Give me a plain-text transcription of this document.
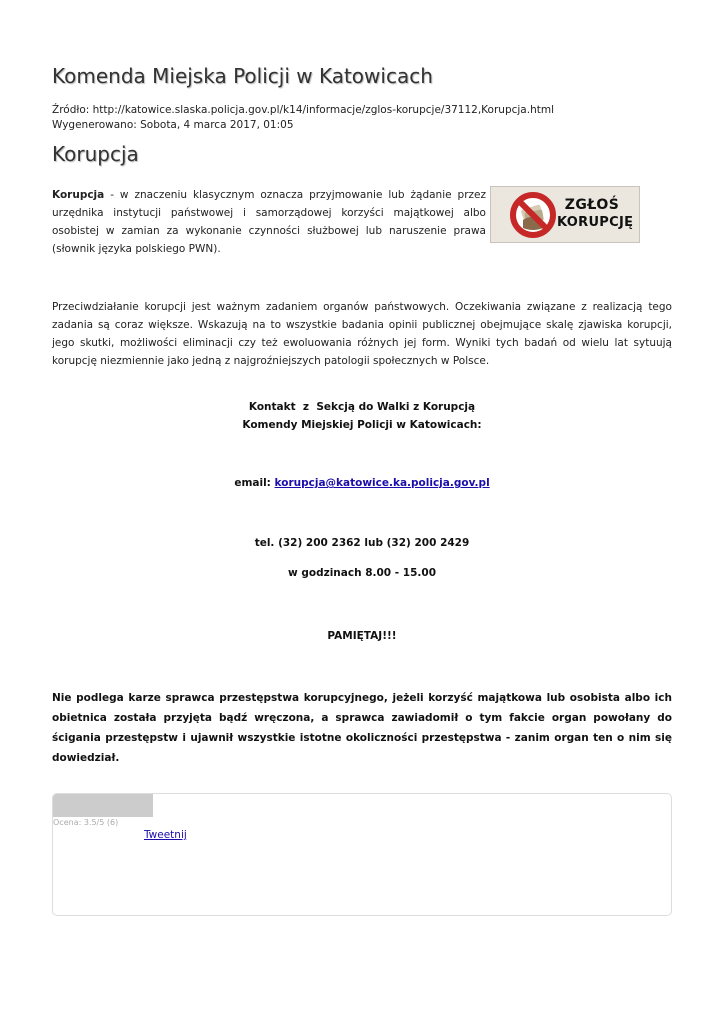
Komenda Miejska Policji w Katowicach
Źródło: http://katowice.slaska.policja.gov.pl/k14/informacje/zglos-korupcje/37112,Korupcja.html
Wygenerowano: Sobota, 4 marca 2017, 01:05
Korupcja
Korupcja - w znaczeniu klasycznym oznacza przyjmowanie lub żądanie przez urzędnika instytucji państwowej i samorządowej korzyści majątkowej albo osobistej w zamian za wykonanie czynności służbowej lub naruszenie prawa (słownik języka polskiego PWN).
ZGŁOŚ
KORUPCJĘ
Przeciwdziałanie korupcji jest ważnym zadaniem organów państwowych. Oczekiwania związane z realizacją tego zadania są coraz większe. Wskazują na to wszystkie badania opinii publicznej obejmujące skalę zjawiska korupcji, jego skutki, możliwości eliminacji czy też ewoluowania różnych jej form. Wyniki tych badań od wielu lat sytuują korupcję niezmiennie jako jedną z najgroźniejszych patologii społecznych w Polsce.
Kontakt  z  Sekcją do Walki z Korupcją
Komendy Miejskiej Policji w Katowicach:
email: korupcja@katowice.ka.policja.gov.pl
tel. (32) 200 2362 lub (32) 200 2429
w godzinach 8.00 - 15.00
PAMIĘTAJ!!!
Nie podlega karze sprawca przestępstwa korupcyjnego, jeżeli korzyść majątkowa lub osobista albo ich obietnica została przyjęta bądź wręczona, a sprawca zawiadomił o tym fakcie organ powołany do ścigania przestępstw i ujawnił wszystkie istotne okoliczności przestępstwa - zanim organ ten o nim się dowiedział.
Ocena: 3.5/5 (6)
Tweetnij
